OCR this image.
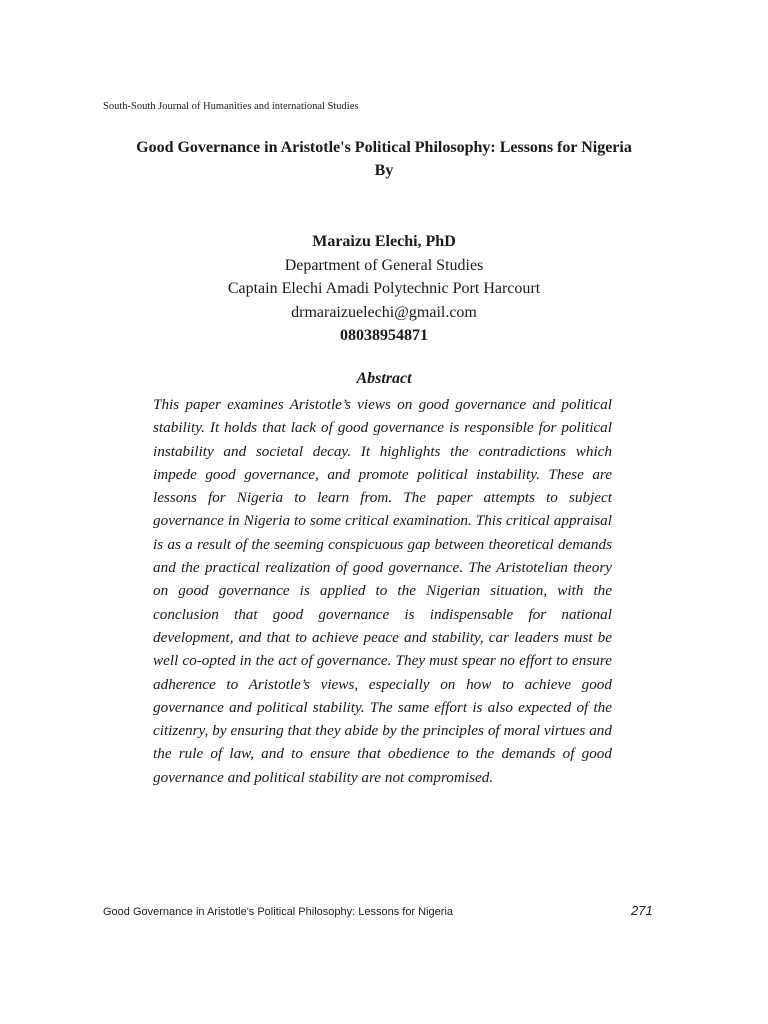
South-South Journal of Humanities and international Studies

Good Governance in Aristotle's Political Philosophy: Lessons for Nigeria

By

Maraizu Elechi, PhD
Department of General Studies
Captain Elechi Amadi Polytechnic Port Harcourt
drmaraizuelechi@gmail.com
08038954871
Abstract

This paper examines Aristotle’s views on good governance and political stability. It holds that lack of good governance is responsible for political instability and societal decay. It highlights the contradictions which impede good governance, and promote political instability. These are lessons for Nigeria to learn from. The paper attempts to subject governance in Nigeria to some critical examination. This critical appraisal is as a result of the seeming conspicuous gap between theoretical demands and the practical realization of good governance. The Aristotelian theory on good governance is applied to the Nigerian situation, with the conclusion that good governance is indispensable for national development, and that to achieve peace and stability, car leaders must be well co-opted in the act of governance. They must spear no effort to ensure adherence to Aristotle’s views, especially on how to achieve good governance and political stability. The same effort is also expected of the citizenry, by ensuring that they abide by the principles of moral virtues and the rule of law, and to ensure that obedience to the demands of good governance and political stability are not compromised.

Good Governance in Aristotle's Political Philosophy: Lessons for Nigeria	271
